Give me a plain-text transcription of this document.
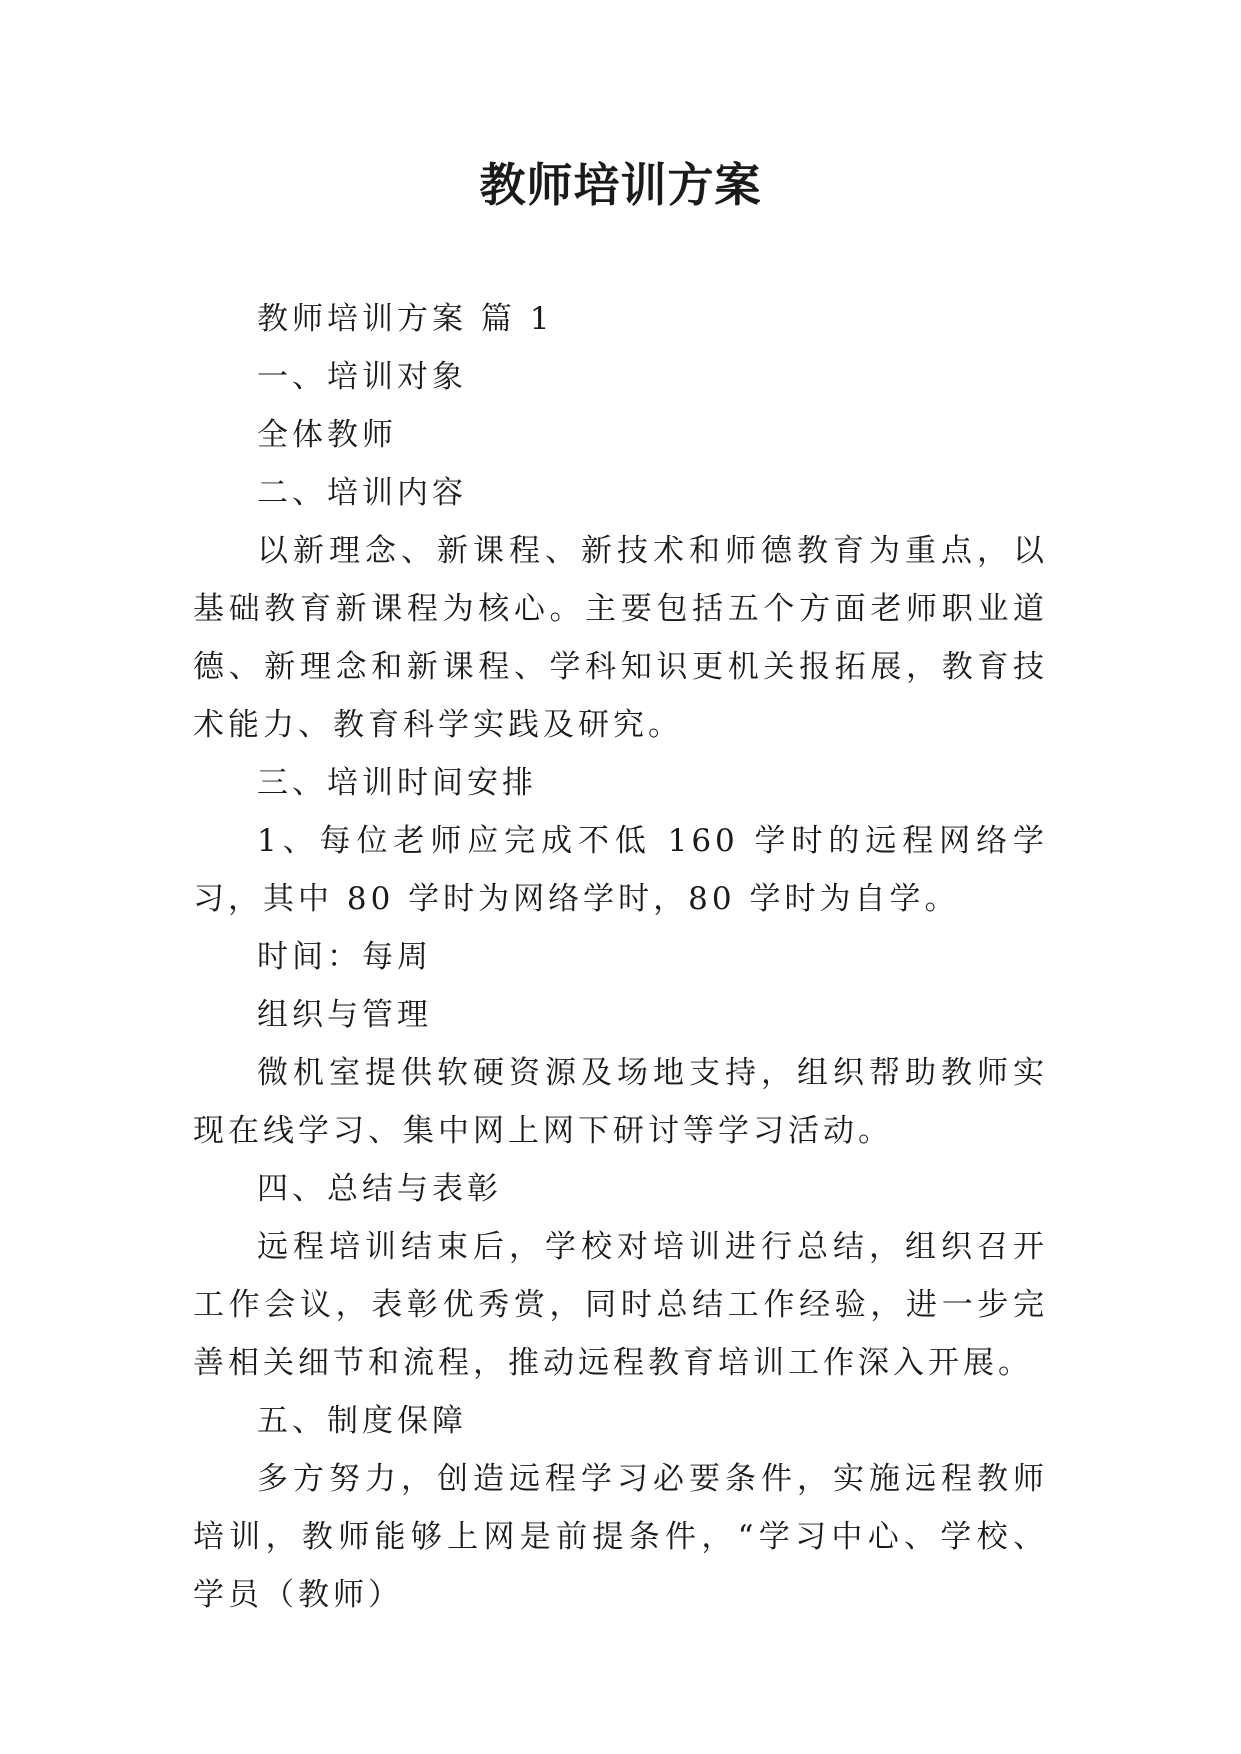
教师培训方案

教师培训方案 篇 1

一、培训对象

全体教师

二、培训内容

以新理念、新课程、新技术和师德教育为重点，以基础教育新课程为核心。主要包括五个方面老师职业道德、新理念和新课程、学科知识更机关报拓展，教育技术能力、教育科学实践及研究。

三、培训时间安排

1、每位老师应完成不低 160 学时的远程网络学习，其中 80 学时为网络学时，80 学时为自学。

时间：每周

组织与管理

微机室提供软硬资源及场地支持，组织帮助教师实现在线学习、集中网上网下研讨等学习活动。

四、总结与表彰

远程培训结束后，学校对培训进行总结，组织召开工作会议，表彰优秀赏，同时总结工作经验，进一步完善相关细节和流程，推动远程教育培训工作深入开展。

五、制度保障

多方努力，创造远程学习必要条件，实施远程教师培训，教师能够上网是前提条件，“学习中心、学校、学员（教师）
